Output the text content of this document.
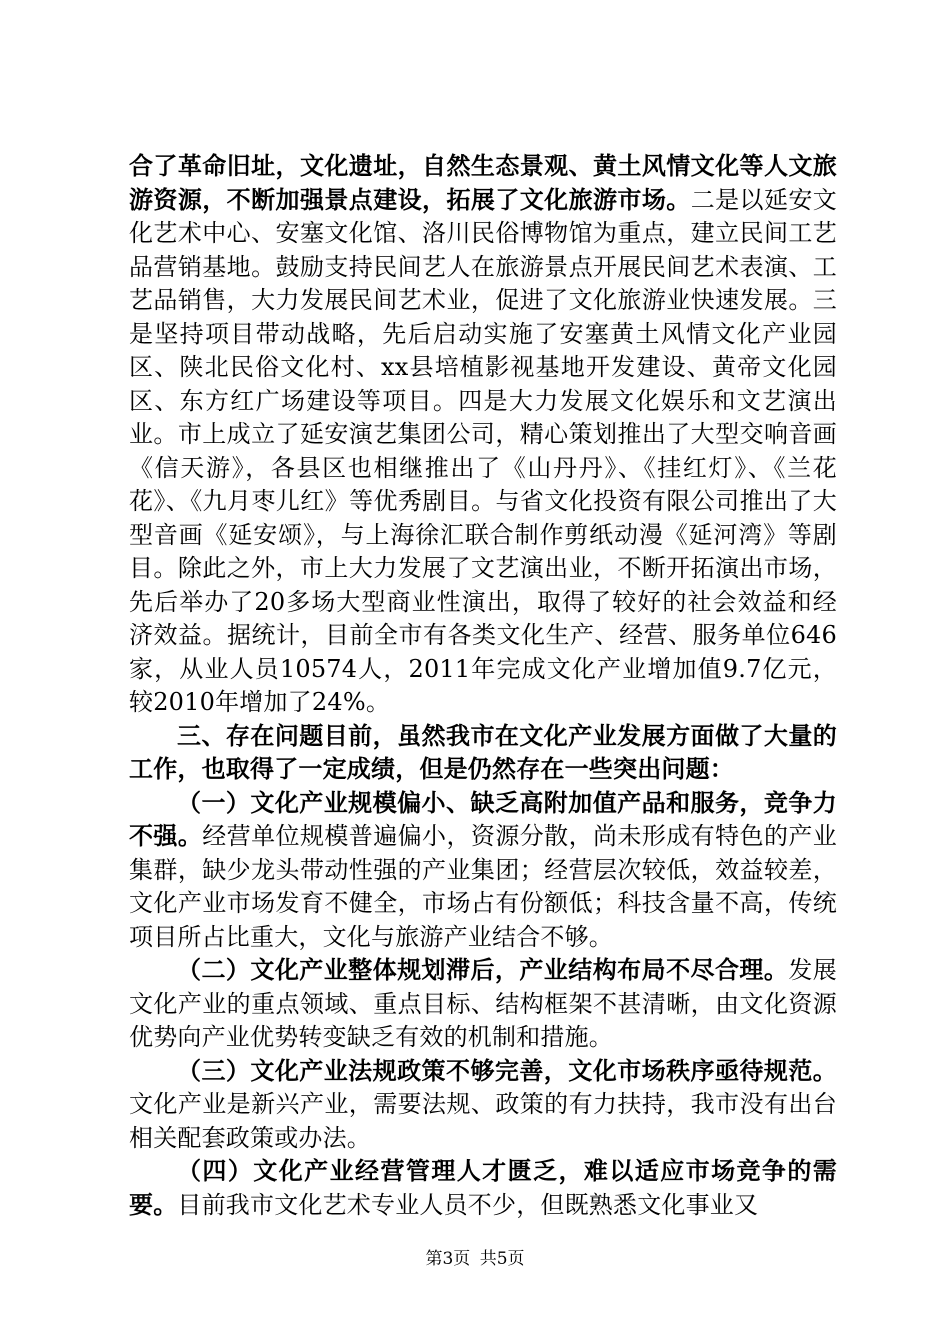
合了革命旧址，文化遗址，自然生态景观、黄土风情文化等人文旅游资源，不断加强景点建设，拓展了文化旅游市场。二是以延安文化艺术中心、安塞文化馆、洛川民俗博物馆为重点，建立民间工艺品营销基地。鼓励支持民间艺人在旅游景点开展民间艺术表演、工艺品销售，大力发展民间艺术业，促进了文化旅游业快速发展。三是坚持项目带动战略，先后启动实施了安塞黄土风情文化产业园区、陕北民俗文化村、xx县培植影视基地开发建设、黄帝文化园区、东方红广场建设等项目。四是大力发展文化娱乐和文艺演出业。市上成立了延安演艺集团公司，精心策划推出了大型交响音画《信天游》，各县区也相继推出了《山丹丹》、《挂红灯》、《兰花花》、《九月枣儿红》等优秀剧目。与省文化投资有限公司推出了大型音画《延安颂》，与上海徐汇联合制作剪纸动漫《延河湾》等剧目。除此之外，市上大力发展了文艺演出业，不断开拓演出市场，先后举办了20多场大型商业性演出，取得了较好的社会效益和经济效益。据统计，目前全市有各类文化生产、经营、服务单位646家，从业人员10574人，2011年完成文化产业增加值9.7亿元，较2010年增加了24%。

三、存在问题目前，虽然我市在文化产业发展方面做了大量的工作，也取得了一定成绩，但是仍然存在一些突出问题：

（一）文化产业规模偏小、缺乏高附加值产品和服务，竞争力不强。经营单位规模普遍偏小，资源分散，尚未形成有特色的产业集群，缺少龙头带动性强的产业集团；经营层次较低，效益较差，文化产业市场发育不健全，市场占有份额低；科技含量不高，传统项目所占比重大，文化与旅游产业结合不够。

（二）文化产业整体规划滞后，产业结构布局不尽合理。发展文化产业的重点领域、重点目标、结构框架不甚清晰，由文化资源优势向产业优势转变缺乏有效的机制和措施。

（三）文化产业法规政策不够完善，文化市场秩序亟待规范。文化产业是新兴产业，需要法规、政策的有力扶持，我市没有出台相关配套政策或办法。

（四）文化产业经营管理人才匮乏，难以适应市场竞争的需要。目前我市文化艺术专业人员不少，但既熟悉文化事业又

第3页 共5页
